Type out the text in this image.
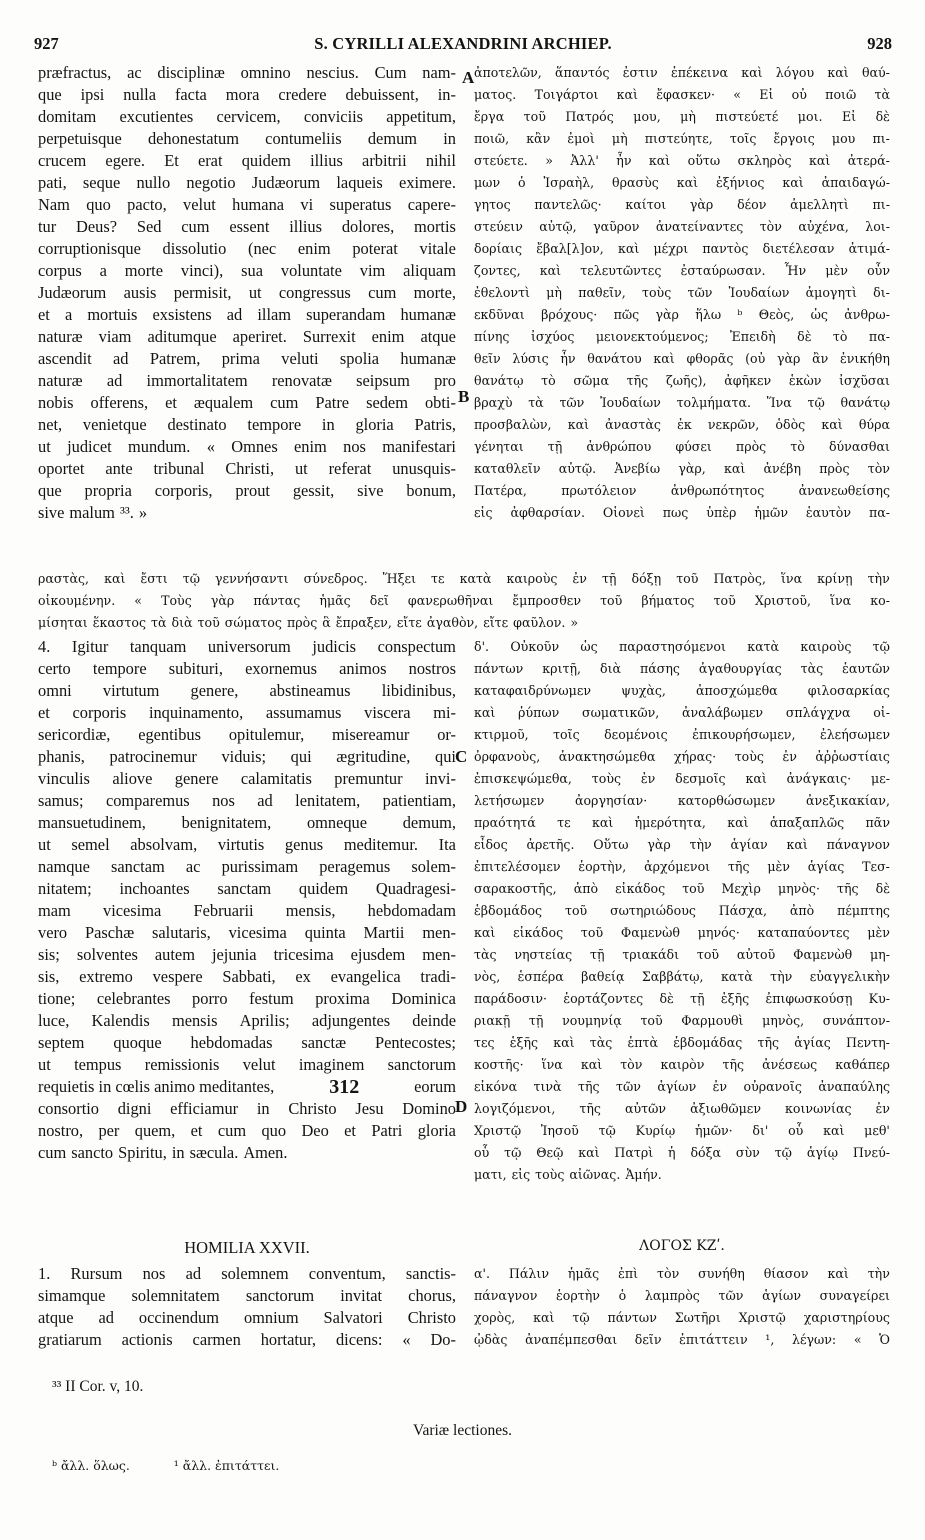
927	S. CYRILLI ALEXANDRINI ARCHIEP.	928
præfractus, ac disciplinæ omnino nescius. Cum nam-
que ipsi nulla facta mora credere debuissent, in-
domitam excutientes cervicem, conviciis appetitum,
perpetuisque dehonestatum contumeliis demum in
crucem egere. Et erat quidem illius arbitrii nihil
pati, seque nullo negotio Judæorum laqueis eximere.
Nam quo pacto, velut humana vi superatus capere-
tur Deus? Sed cum essent illius dolores, mortis
corruptionisque dissolutio (nec enim poterat vitale
corpus a morte vinci), sua voluntate vim aliquam
Judæorum ausis permisit, ut congressus cum morte,
et a mortuis exsistens ad illam superandam humanæ
naturæ viam aditumque aperiret. Surrexit enim atque
ascendit ad Patrem, prima veluti spolia humanæ
naturæ ad immortalitatem renovatæ seipsum pro
nobis offerens, et æqualem cum Patre sedem obti-
net, venietque destinato tempore in gloria Patris,
ut judicet mundum. « Omnes enim nos manifestari
oportet ante tribunal Christi, ut referat unusquis-
que propria corporis, prout gessit, sive bonum,
sive malum ³³. »
ἀποτελῶν, ἅπαντός ἐστιν ἐπέκεινα καὶ λόγου καὶ θαύ-
ματος. Τοιγάρτοι καὶ ἔφασκεν· « Εἰ οὐ ποιῶ τὰ
ἔργα τοῦ Πατρός μου, μὴ πιστεύετέ μοι. Εἰ δὲ
ποιῶ, κἂν ἐμοὶ μὴ πιστεύητε, τοῖς ἔργοις μου πι-
στεύετε. » Ἀλλ' ἦν καὶ οὕτω σκληρὸς καὶ ἀτερά-
μων ὁ Ἰσραὴλ, θρασὺς καὶ ἐξήνιος καὶ ἀπαιδαγώ-
γητος παντελῶς· καίτοι γὰρ δέον ἀμελλητὶ πι-
στεύειν αὐτῷ, γαῦρον ἀνατείναντες τὸν αὐχένα, λοι-
δορίαις ἔβαλ[λ]ον, καὶ μέχρι παντὸς διετέλεσαν ἀτιμά-
ζοντες, καὶ τελευτῶντες ἐσταύρωσαν. Ἦν μὲν οὖν
ἐθελοντὶ μὴ παθεῖν, τοὺς τῶν Ἰουδαίων ἀμογητὶ δι-
εκδῦναι βρόχους· πῶς γὰρ ἥλω ᵇ Θεὸς, ὡς ἀνθρω-
πίνης ἰσχύος μειονεκτούμενος; Ἐπειδὴ δὲ τὸ πα-
θεῖν λύσις ἦν θανάτου καὶ φθορᾶς (οὐ γὰρ ἂν ἐνικήθη
θανάτῳ τὸ σῶμα τῆς ζωῆς), ἀφῆκεν ἑκὼν ἰσχῦσαι
βραχὺ τὰ τῶν Ἰουδαίων τολμήματα. Ἵνα τῷ θανάτῳ
προσβαλὼν, καὶ ἀναστὰς ἐκ νεκρῶν, ὁδὸς καὶ θύρα
γένηται τῇ ἀνθρώπου φύσει πρὸς τὸ δύνασθαι
καταθλεῖν αὐτῷ. Ἀνεβίω γὰρ, καὶ ἀνέβη πρὸς τὸν
Πατέρα,	πρωτόλειον	ἀνθρωπότητος	ἀνανεωθείσης
εἰς ἀφθαρσίαν. Οἱονεὶ πως ὑπὲρ ἡμῶν ἑαυτὸν πα-
A
B
C
D
ραστὰς, καὶ ἔστι τῷ γεννήσαντι σύνεδρος. Ἥξει τε κατὰ καιροὺς ἐν τῇ δόξῃ τοῦ Πατρὸς, ἵνα κρίνῃ τὴν
οἰκουμένην. « Τοὺς γὰρ πάντας ἡμᾶς δεῖ φανερωθῆναι ἔμπροσθεν τοῦ βήματος τοῦ Χριστοῦ, ἵνα κο-
μίσηται ἕκαστος τὰ διὰ τοῦ σώματος πρὸς ἃ ἔπραξεν, εἴτε ἀγαθὸν, εἴτε φαῦλον. »
4. Igitur tanquam universorum judicis conspectum
certo tempore subituri, exornemus animos nostros
omni virtutum genere, abstineamus libidinibus,
et corporis inquinamento, assumamus viscera mi-
sericordiæ, egentibus opitulemur, misereamur or-
phanis, patrocinemur viduis; qui ægritudine, qui
vinculis aliove genere calamitatis premuntur invi-
samus; comparemus nos ad lenitatem, patientiam,
mansuetudinem, benignitatem, omneque demum,
ut semel absolvam, virtutis genus meditemur. Ita
namque sanctam ac purissimam peragemus solem-
nitatem; inchoantes sanctam quidem Quadragesi-
mam vicesima Februarii mensis, hebdomadam
vero Paschæ salutaris, vicesima quinta Martii men-
sis; solventes autem jejunia tricesima ejusdem men-
sis, extremo vespere Sabbati, ex evangelica tradi-
tione; celebrantes porro festum proxima Dominica
luce, Kalendis mensis Aprilis; adjungentes deinde
septem quoque hebdomadas sanctæ Pentecostes;
ut tempus remissionis velut imaginem sanctorum
requietis in cœlis animo meditantes,	312	eorum
consortio digni efficiamur in Christo Jesu Domino
nostro, per quem, et cum quo Deo et Patri gloria
cum sancto Spiritu, in sæcula. Amen.
δ'. Οὐκοῦν ὡς παραστησόμενοι κατὰ καιροὺς τῷ
πάντων κριτῇ, διὰ πάσης ἀγαθουργίας τὰς ἑαυτῶν
καταφαιδρύνωμεν ψυχὰς, ἀποσχώμεθα φιλοσαρκίας
καὶ ῥύπων σωματικῶν, ἀναλάβωμεν σπλάγχνα οἰ-
κτιρμοῦ, τοῖς δεομένοις ἐπικουρήσωμεν, ἐλεήσωμεν
ὀρφανοὺς, ἀνακτησώμεθα χήρας· τοὺς ἐν ἀῤῥωστίαις
ἐπισκεψώμεθα, τοὺς ἐν δεσμοῖς καὶ ἀνάγκαις· με-
λετήσωμεν ἀοργησίαν· κατορθώσωμεν ἀνεξικακίαν,
πραότητά τε καὶ ἡμερότητα, καὶ ἁπαξαπλῶς πᾶν
εἶδος ἀρετῆς. Οὕτω γὰρ τὴν ἁγίαν καὶ πάναγνον
ἐπιτελέσομεν ἑορτὴν, ἀρχόμενοι τῆς μὲν ἁγίας Τεσ-
σαρακοστῆς, ἀπὸ εἰκάδος τοῦ Μεχὶρ μηνὸς· τῆς δὲ
ἑβδομάδος τοῦ σωτηριώδους Πάσχα, ἀπὸ πέμπτης
καὶ εἰκάδος τοῦ Φαμενὼθ μηνός· καταπαύοντες μὲν
τὰς νηστείας τῇ τριακάδι τοῦ αὐτοῦ Φαμενὼθ μη-
νὸς, ἑσπέρα βαθείᾳ Σαββάτῳ, κατὰ τὴν εὐαγγελικὴν
παράδοσιν· ἑορτάζοντες δὲ τῇ ἑξῆς ἐπιφωσκούσῃ Κυ-
ριακῇ τῇ νουμηνίᾳ τοῦ Φαρμουθὶ μηνὸς, συνάπτον-
τες ἑξῆς καὶ τὰς ἑπτὰ ἑβδομάδας τῆς ἁγίας Πεντη-
κοστῆς· ἵνα καὶ τὸν καιρὸν τῆς ἀνέσεως καθάπερ
εἰκόνα τινὰ τῆς τῶν ἁγίων ἐν οὐρανοῖς ἀναπαύλης
λογιζόμενοι, τῆς αὐτῶν ἀξιωθῶμεν κοινωνίας ἐν
Χριστῷ Ἰησοῦ τῷ Κυρίῳ ἡμῶν· δι' οὗ καὶ μεθ'
οὗ τῷ Θεῷ καὶ Πατρὶ ἡ δόξα σὺν τῷ ἁγίῳ Πνεύ-
ματι, εἰς τοὺς αἰῶνας. Ἀμήν.
HOMILIA XXVII.	ΛΟΓΟΣ ΚΖʹ.
1. Rursum nos ad solemnem conventum, sanctis-
simamque solemnitatem sanctorum invitat chorus,
atque ad occinendum omnium Salvatori Christo
gratiarum actionis carmen hortatur, dicens: « Do-
α'. Πάλιν ἡμᾶς ἐπὶ τὸν συνήθη θίασον καὶ τὴν
πάναγνον ἑορτὴν ὁ λαμπρὸς τῶν ἁγίων συναγείρει
χορὸς, καὶ τῷ πάντων Σωτῆρι Χριστῷ χαριστηρίους
ᾠδὰς ἀναπέμπεσθαι δεῖν ἐπιτάττειν ¹, λέγων: « Ὁ
³³ II Cor. v, 10.
Variæ lectiones.
ᵇ ἄλλ. ὅλως.	¹ ἄλλ. ἐπιτάττει.
